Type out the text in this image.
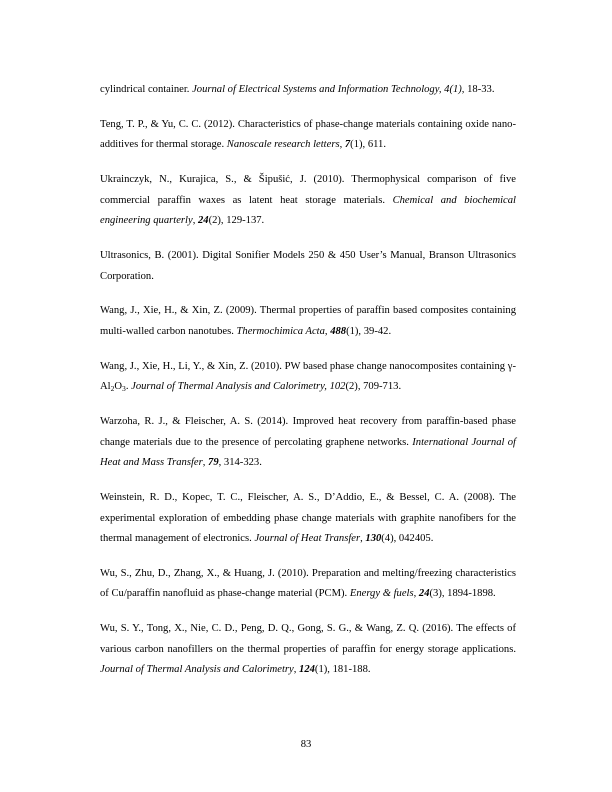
cylindrical container. Journal of Electrical Systems and Information Technology, 4(1), 18-33.

Teng, T. P., & Yu, C. C. (2012). Characteristics of phase-change materials containing oxide nano-additives for thermal storage. Nanoscale research letters, 7(1), 611.

Ukrainczyk, N., Kurajica, S., & Šipušić, J. (2010). Thermophysical comparison of five commercial paraffin waxes as latent heat storage materials. Chemical and biochemical engineering quarterly, 24(2), 129-137.

Ultrasonics, B. (2001). Digital Sonifier Models 250 & 450 User’s Manual, Branson Ultrasonics Corporation.

Wang, J., Xie, H., & Xin, Z. (2009). Thermal properties of paraffin based composites containing multi-walled carbon nanotubes. Thermochimica Acta, 488(1), 39-42.

Wang, J., Xie, H., Li, Y., & Xin, Z. (2010). PW based phase change nanocomposites containing $\gamma-Al_2O_3$. Journal of Thermal Analysis and Calorimetry, 102(2), 709-713.

Warzoha, R. J., & Fleischer, A. S. (2014). Improved heat recovery from paraffin-based phase change materials due to the presence of percolating graphene networks. International Journal of Heat and Mass Transfer, 79, 314-323.

Weinstein, R. D., Kopec, T. C., Fleischer, A. S., D’Addio, E., & Bessel, C. A. (2008). The experimental exploration of embedding phase change materials with graphite nanofibers for the thermal management of electronics. Journal of Heat Transfer, 130(4), 042405.

Wu, S., Zhu, D., Zhang, X., & Huang, J. (2010). Preparation and melting/freezing characteristics of Cu/paraffin nanofluid as phase-change material (PCM). Energy & fuels, 24(3), 1894-1898.

Wu, S. Y., Tong, X., Nie, C. D., Peng, D. Q., Gong, S. G., & Wang, Z. Q. (2016). The effects of various carbon nanofillers on the thermal properties of paraffin for energy storage applications. Journal of Thermal Analysis and Calorimetry, 124(1), 181-188.

83
